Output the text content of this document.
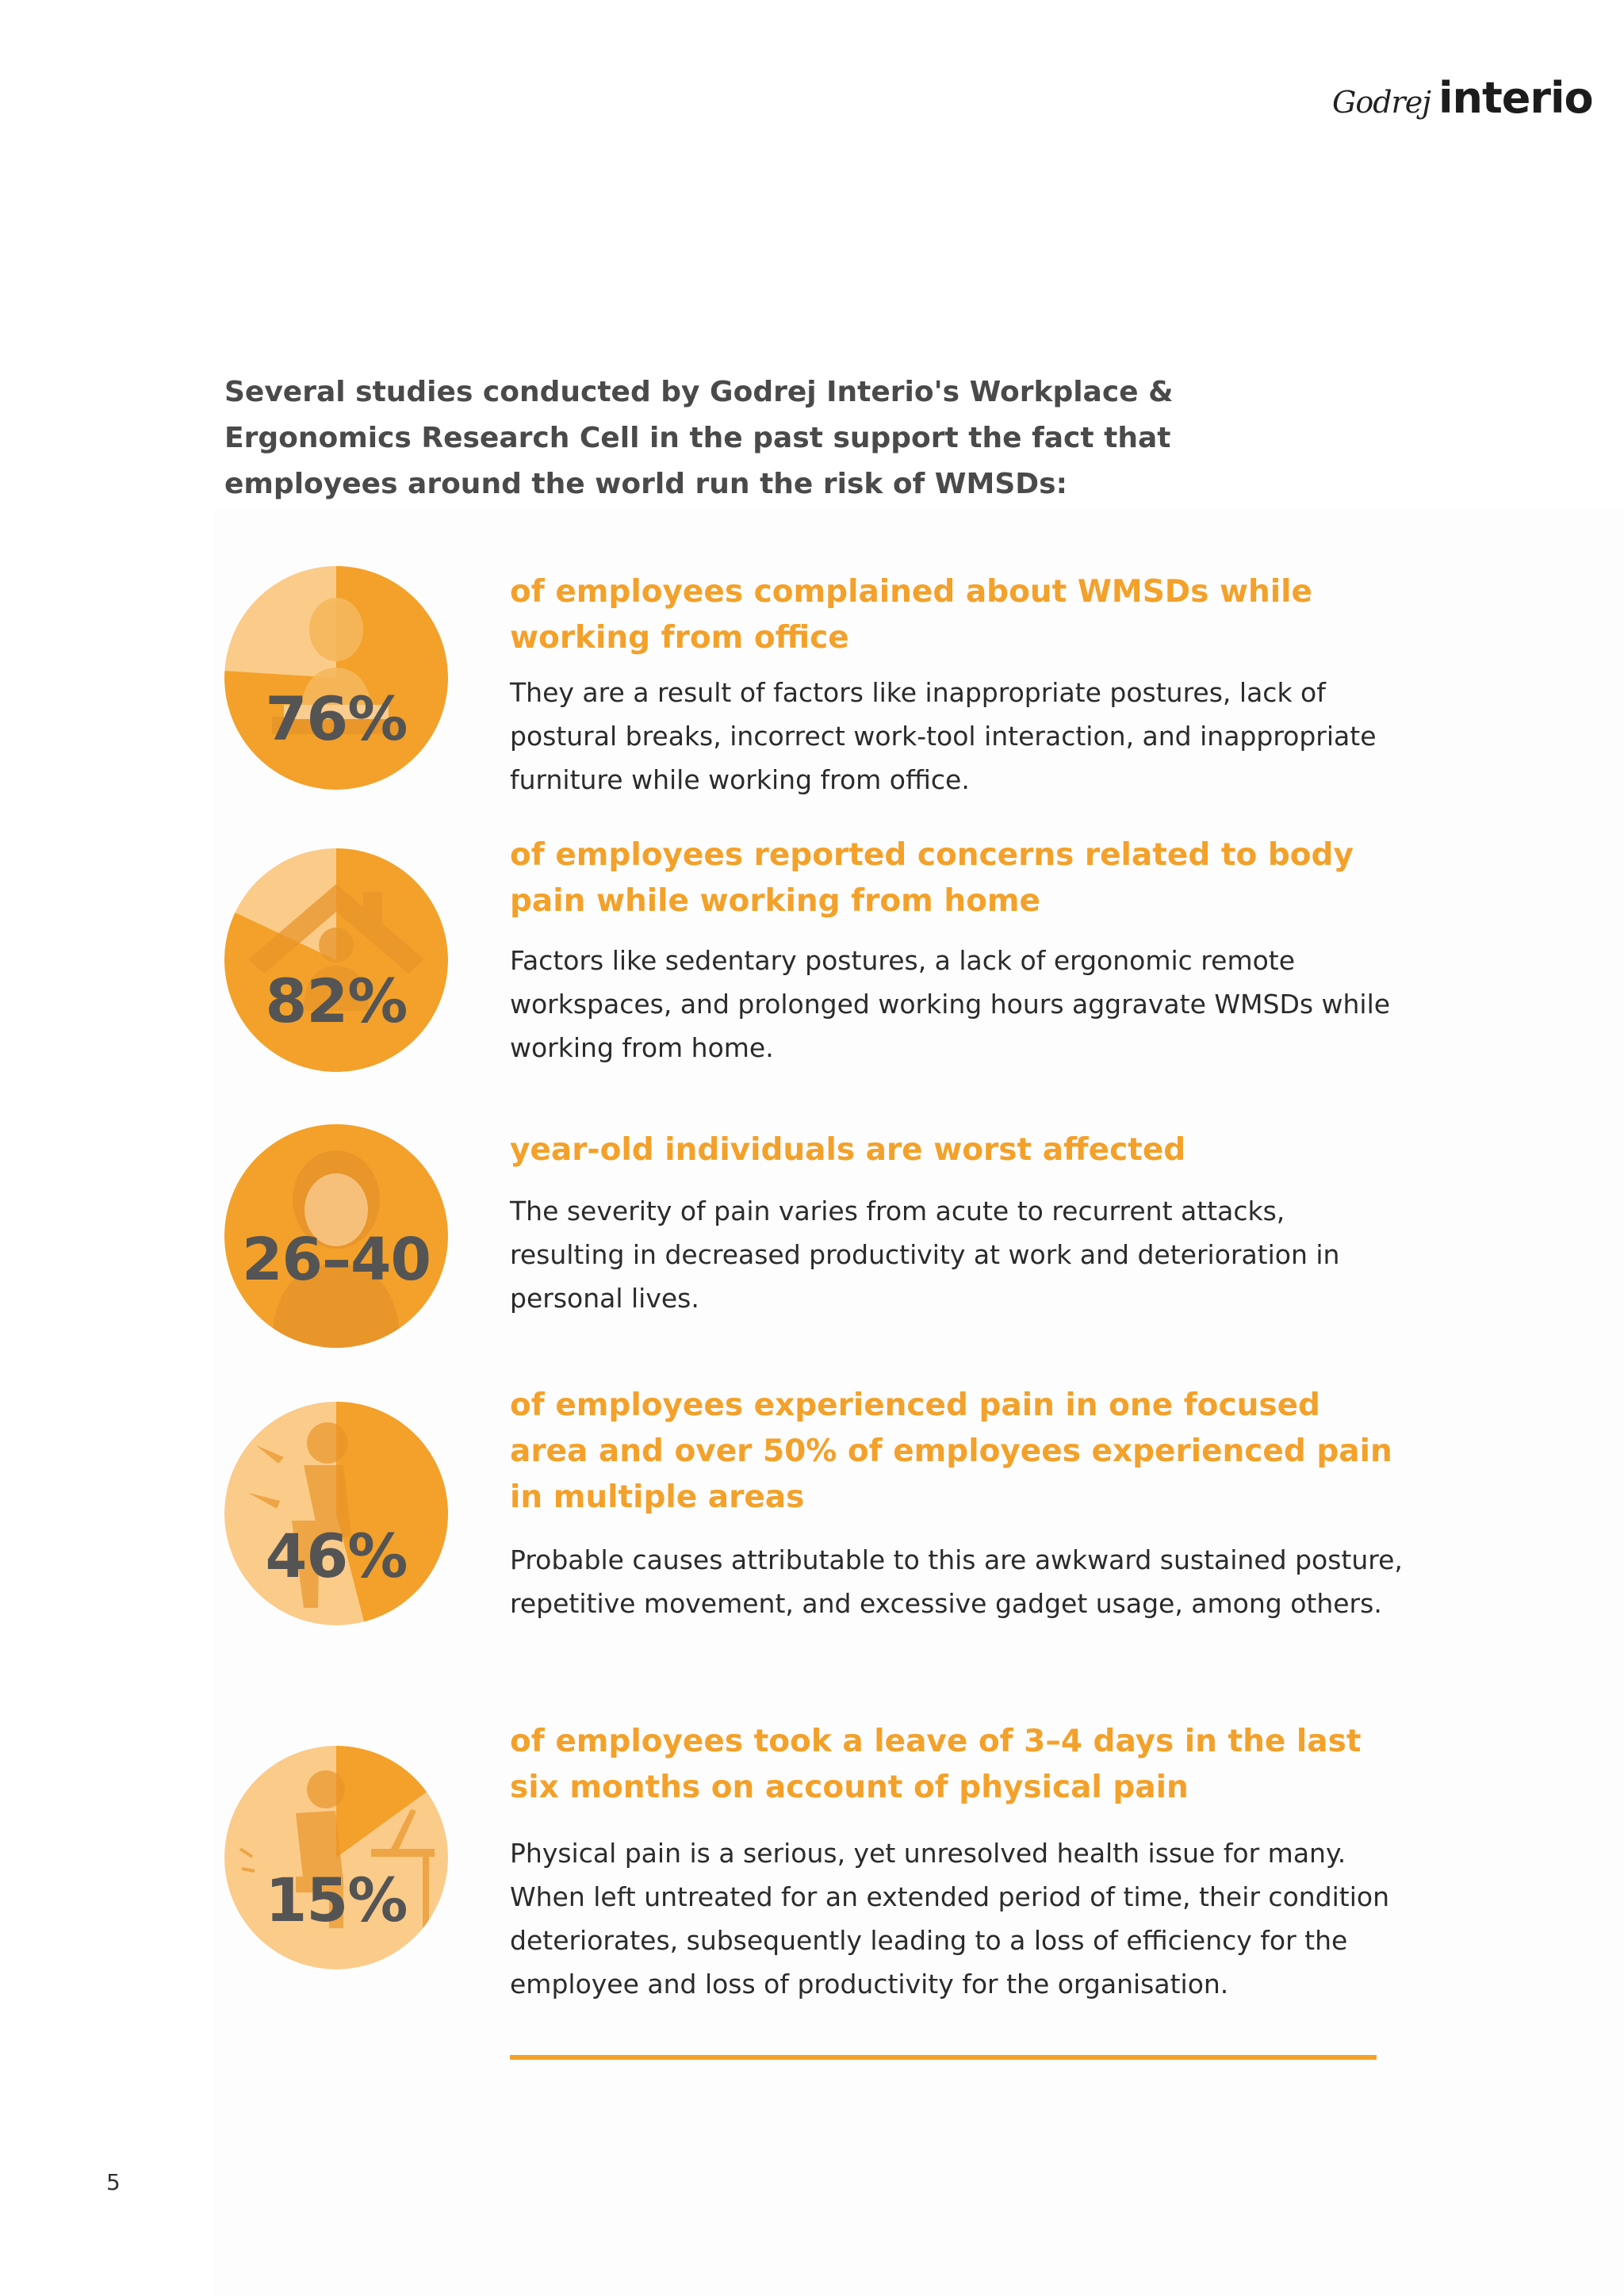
Godrej interio

Several studies conducted by Godrej Interio's Workplace & Ergonomics Research Cell in the past support the fact that employees around the world run the risk of WMSDs:

76%

of employees complained about WMSDs while working from office

They are a result of factors like inappropriate postures, lack of postural breaks, incorrect work-tool interaction, and inappropriate furniture while working from office.

82%

of employees reported concerns related to body pain while working from home

Factors like sedentary postures, a lack of ergonomic remote workspaces, and prolonged working hours aggravate WMSDs while working from home.

26–40

year-old individuals are worst affected

The severity of pain varies from acute to recurrent attacks, resulting in decreased productivity at work and deterioration in personal lives.

46%

of employees experienced pain in one focused area and over 50% of employees experienced pain in multiple areas

Probable causes attributable to this are awkward sustained posture, repetitive movement, and excessive gadget usage, among others.

15%

of employees took a leave of 3–4 days in the last six months on account of physical pain

Physical pain is a serious, yet unresolved health issue for many. When left untreated for an extended period of time, their condition deteriorates, subsequently leading to a loss of efficiency for the employee and loss of productivity for the organisation.

5
